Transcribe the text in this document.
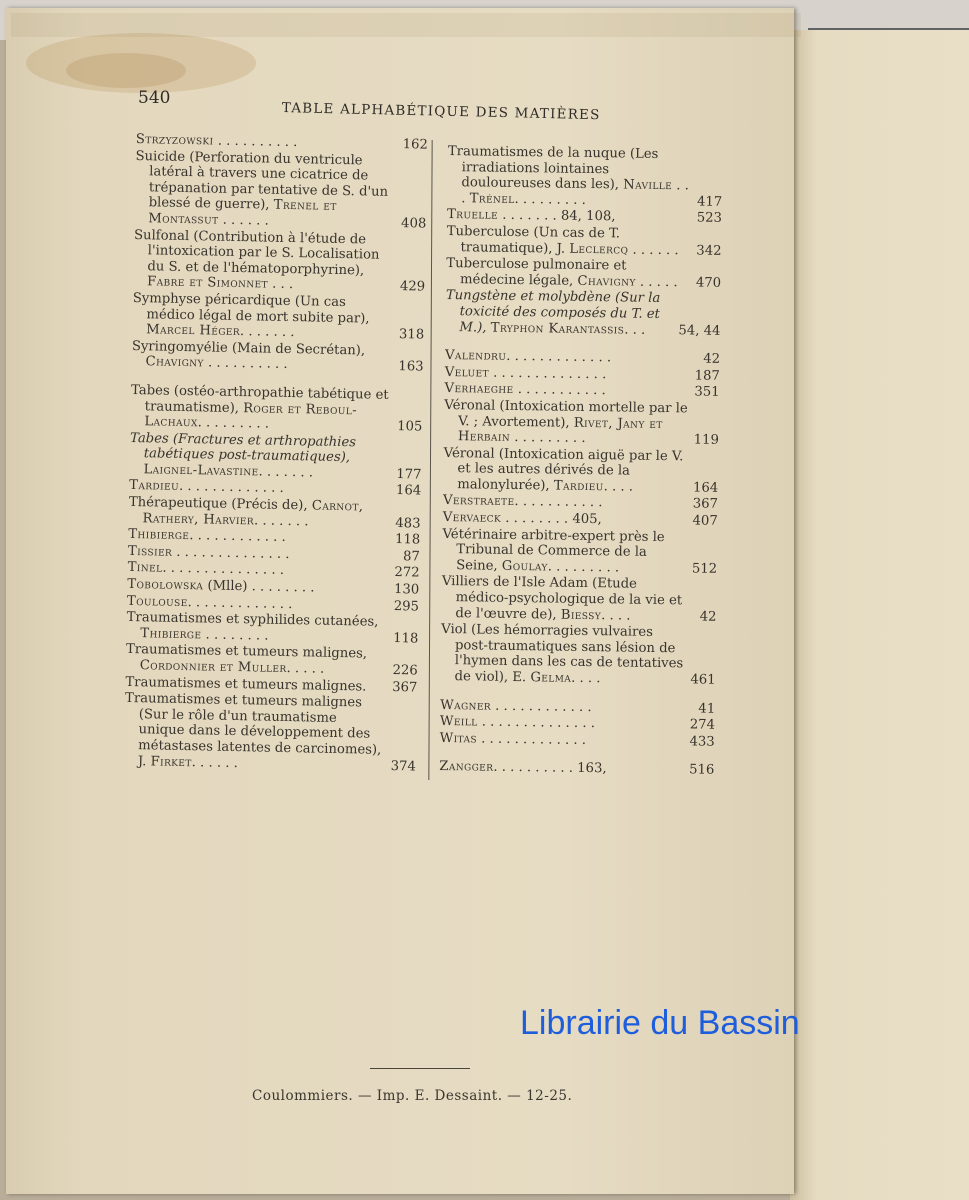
540
TABLE ALPHABÉTIQUE DES MATIÈRES
Strzyzowski . . . . . . . . . .	162
Suicide (Perforation du ventricule latéral à travers une cicatrice de trépanation par tentative de S. d'un blessé de guerre), Trenel et Montassut . . . . . .	408
Sulfonal (Contribution à l'étude de l'intoxication par le S. Localisation du S. et de l'hématoporphyrine), Fabre et Simonnet . . .	429
Symphyse péricardique (Un cas médico légal de mort subite par), Marcel Héger. . . . . . .	318
Syringomyélie (Main de Secrétan), Chavigny . . . . . . . . . .	163
Tabes (ostéo-arthropathie tabétique et traumatisme), Roger et Reboul-Lachaux. . . . . . . . .	105
Tabes (Fractures et arthropathies tabétiques post-traumatiques), Laignel-Lavastine. . . . . . .	177
Tardieu. . . . . . . . . . . . .	164
Thérapeutique (Précis de), Carnot, Rathery, Harvier. . . . . . .	483
Thibierge. . . . . . . . . . . .	118
Tissier . . . . . . . . . . . . . .	87
Tinel. . . . . . . . . . . . . . .	272
Tobolowska (Mlle) . . . . . . . .	130
Toulouse. . . . . . . . . . . . .	295
Traumatismes et syphilides cutanées, Thibierge . . . . . . . .	118
Traumatismes et tumeurs malignes, Cordonnier et Muller. . . . .	226
Traumatismes et tumeurs malignes.	367
Traumatismes et tumeurs malignes (Sur le rôle d'un traumatisme unique dans le développement des métastases latentes de carcinomes), J. Firket. . . . . .	374
Traumatismes de la nuque (Les irradiations lointaines douloureuses dans les), Naville . . . Trénel. . . . . . . . .	417
Truelle . . . . . . . 84, 108,	523
Tuberculose (Un cas de T. traumatique), J. Leclercq . . . . . .	342
Tuberculose pulmonaire et médecine légale, Chavigny . . . . .	470
Tungstène et molybdène (Sur la toxicité des composés du T. et M.), Tryphon Karantassis. . .	54, 44
Valendru. . . . . . . . . . . . .	42
Veluet . . . . . . . . . . . . . .	187
Verhaeghe . . . . . . . . . . .	351
Véronal (Intoxication mortelle par le V. ; Avortement), Rivet, Jany et Herbain . . . . . . . . .	119
Véronal (Intoxication aiguë par le V. et les autres dérivés de la malonylurée), Tardieu. . . .	164
Verstraete. . . . . . . . . . .	367
Vervaeck . . . . . . . . 405,	407
Vétérinaire arbitre-expert près le Tribunal de Commerce de la Seine, Goulay. . . . . . . . .	512
Villiers de l'Isle Adam (Etude médico-psychologique de la vie et de l'œuvre de), Biessy. . . .	42
Viol (Les hémorragies vulvaires post-traumatiques sans lésion de l'hymen dans les cas de tentatives de viol), E. Gelma. . . .	461
Wagner . . . . . . . . . . . .	41
Weill . . . . . . . . . . . . . .	274
Witas . . . . . . . . . . . . .	433
Zangger. . . . . . . . . . 163,	516
Coulommiers. — Imp. E. Dessaint. — 12-25.
Librairie du Bassin
